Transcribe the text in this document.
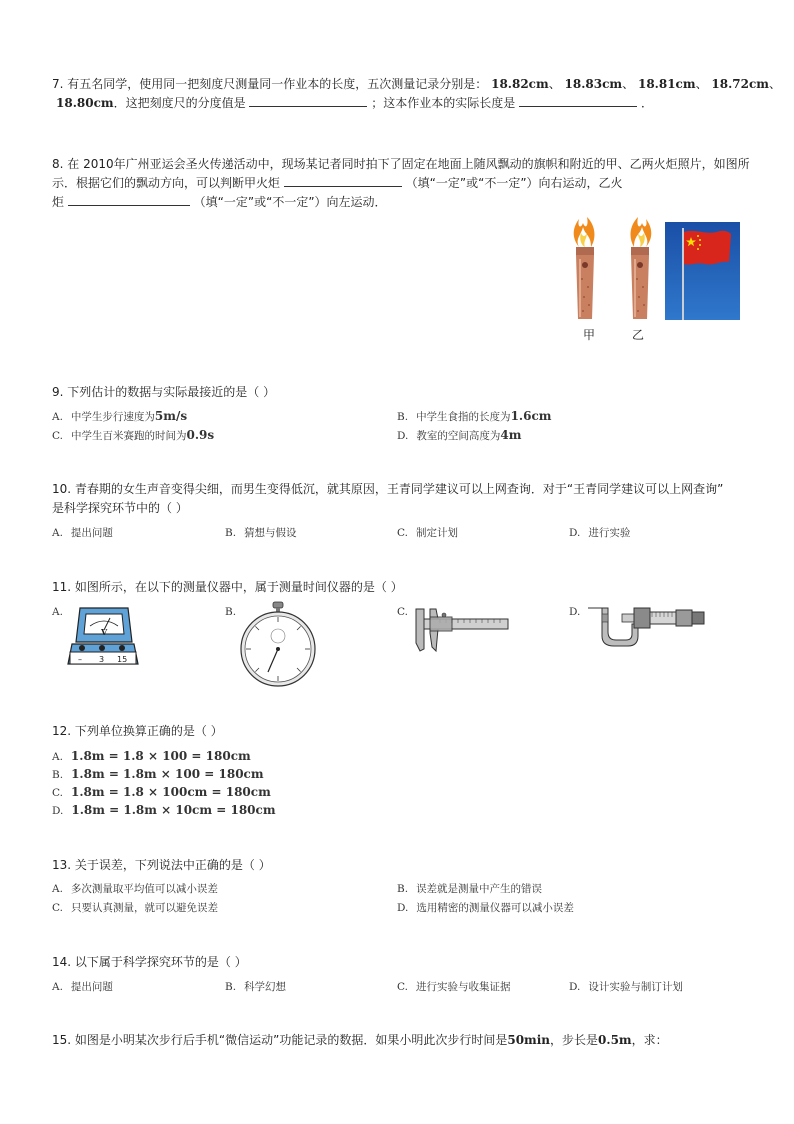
7. 有五名同学，使用同一把刻度尺测量同一作业本的长度，五次测量记录分别是： 18.82cm、 18.83cm、 18.81cm、 18.72cm、
18.80cm．这把刻度尺的分度值是	；这本作业本的实际长度是	．
8. 在 2010年广州亚运会圣火传递活动中，现场某记者同时拍下了固定在地面上随风飘动的旗帜和附近的甲、乙两火炬照片，如图所
示．根据它们的飘动方向，可以判断甲火炬	（填“一定”或“不一定”）向右运动，乙火
炬	（填“一定”或“不一定”）向左运动．
甲	乙
9. 下列估计的数据与实际最接近的是（ ）
A. 中学生步行速度为5m/s	B. 中学生食指的长度为1.6cm
C. 中学生百米赛跑的时间为0.9s	D. 教室的空间高度为4m
10. 青春期的女生声音变得尖细，而男生变得低沉，就其原因，王青同学建议可以上网查询．对于“王青同学建议可以上网查询”
是科学探究环节中的（ ）
A. 提出问题	B. 猜想与假设	C. 制定计划	D. 进行实验
11. 如图所示，在以下的测量仪器中，属于测量时间仪器的是（ ）
A.
V
– 3 15
B.	C.	D.
12. 下列单位换算正确的是（ ）
A. 1.8m = 1.8 × 100 = 180cm
B. 1.8m = 1.8m × 100 = 180cm
C. 1.8m = 1.8 × 100cm = 180cm
D. 1.8m = 1.8m × 10cm = 180cm
13. 关于误差，下列说法中正确的是（ ）
A. 多次测量取平均值可以减小误差	B. 误差就是测量中产生的错误
C. 只要认真测量，就可以避免误差	D. 选用精密的测量仪器可以减小误差
14. 以下属于科学探究环节的是（ ）
A. 提出问题	B. 科学幻想	C. 进行实验与收集证据	D. 设计实验与制订计划
15. 如图是小明某次步行后手机“微信运动”功能记录的数据．如果小明此次步行时间是50min，步长是0.5m，求：
